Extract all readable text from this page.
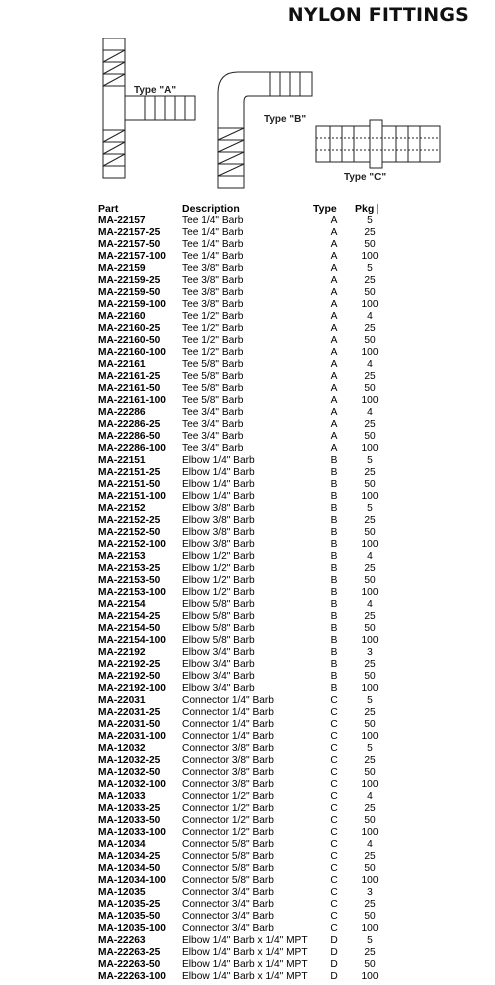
NYLON FITTINGS
Type "A"
Type "B"
Type "C"
Part	Description	Type	Pkg
MA-22157	Tee 1/4" Barb	A	5
MA-22157-25	Tee 1/4" Barb	A	25
MA-22157-50	Tee 1/4" Barb	A	50
MA-22157-100	Tee 1/4" Barb	A	100
MA-22159	Tee 3/8" Barb	A	5
MA-22159-25	Tee 3/8" Barb	A	25
MA-22159-50	Tee 3/8" Barb	A	50
MA-22159-100	Tee 3/8" Barb	A	100
MA-22160	Tee 1/2" Barb	A	4
MA-22160-25	Tee 1/2" Barb	A	25
MA-22160-50	Tee 1/2" Barb	A	50
MA-22160-100	Tee 1/2" Barb	A	100
MA-22161	Tee 5/8" Barb	A	4
MA-22161-25	Tee 5/8" Barb	A	25
MA-22161-50	Tee 5/8" Barb	A	50
MA-22161-100	Tee 5/8" Barb	A	100
MA-22286	Tee 3/4" Barb	A	4
MA-22286-25	Tee 3/4" Barb	A	25
MA-22286-50	Tee 3/4" Barb	A	50
MA-22286-100	Tee 3/4" Barb	A	100
MA-22151	Elbow 1/4" Barb	B	5
MA-22151-25	Elbow 1/4" Barb	B	25
MA-22151-50	Elbow 1/4" Barb	B	50
MA-22151-100	Elbow 1/4" Barb	B	100
MA-22152	Elbow 3/8" Barb	B	5
MA-22152-25	Elbow 3/8" Barb	B	25
MA-22152-50	Elbow 3/8" Barb	B	50
MA-22152-100	Elbow 3/8" Barb	B	100
MA-22153	Elbow 1/2" Barb	B	4
MA-22153-25	Elbow 1/2" Barb	B	25
MA-22153-50	Elbow 1/2" Barb	B	50
MA-22153-100	Elbow 1/2" Barb	B	100
MA-22154	Elbow 5/8" Barb	B	4
MA-22154-25	Elbow 5/8" Barb	B	25
MA-22154-50	Elbow 5/8" Barb	B	50
MA-22154-100	Elbow 5/8" Barb	B	100
MA-22192	Elbow 3/4" Barb	B	3
MA-22192-25	Elbow 3/4" Barb	B	25
MA-22192-50	Elbow 3/4" Barb	B	50
MA-22192-100	Elbow 3/4" Barb	B	100
MA-22031	Connector 1/4" Barb	C	5
MA-22031-25	Connector 1/4" Barb	C	25
MA-22031-50	Connector 1/4" Barb	C	50
MA-22031-100	Connector 1/4" Barb	C	100
MA-12032	Connector 3/8" Barb	C	5
MA-12032-25	Connector 3/8" Barb	C	25
MA-12032-50	Connector 3/8" Barb	C	50
MA-12032-100	Connector 3/8" Barb	C	100
MA-12033	Connector 1/2" Barb	C	4
MA-12033-25	Connector 1/2" Barb	C	25
MA-12033-50	Connector 1/2" Barb	C	50
MA-12033-100	Connector 1/2" Barb	C	100
MA-12034	Connector 5/8" Barb	C	4
MA-12034-25	Connector 5/8" Barb	C	25
MA-12034-50	Connector 5/8" Barb	C	50
MA-12034-100	Connector 5/8" Barb	C	100
MA-12035	Connector 3/4" Barb	C	3
MA-12035-25	Connector 3/4" Barb	C	25
MA-12035-50	Connector 3/4" Barb	C	50
MA-12035-100	Connector 3/4" Barb	C	100
MA-22263	Elbow 1/4" Barb x 1/4" MPT	D	5
MA-22263-25	Elbow 1/4" Barb x 1/4" MPT	D	25
MA-22263-50	Elbow 1/4" Barb x 1/4" MPT	D	50
MA-22263-100	Elbow 1/4" Barb x 1/4" MPT	D	100
